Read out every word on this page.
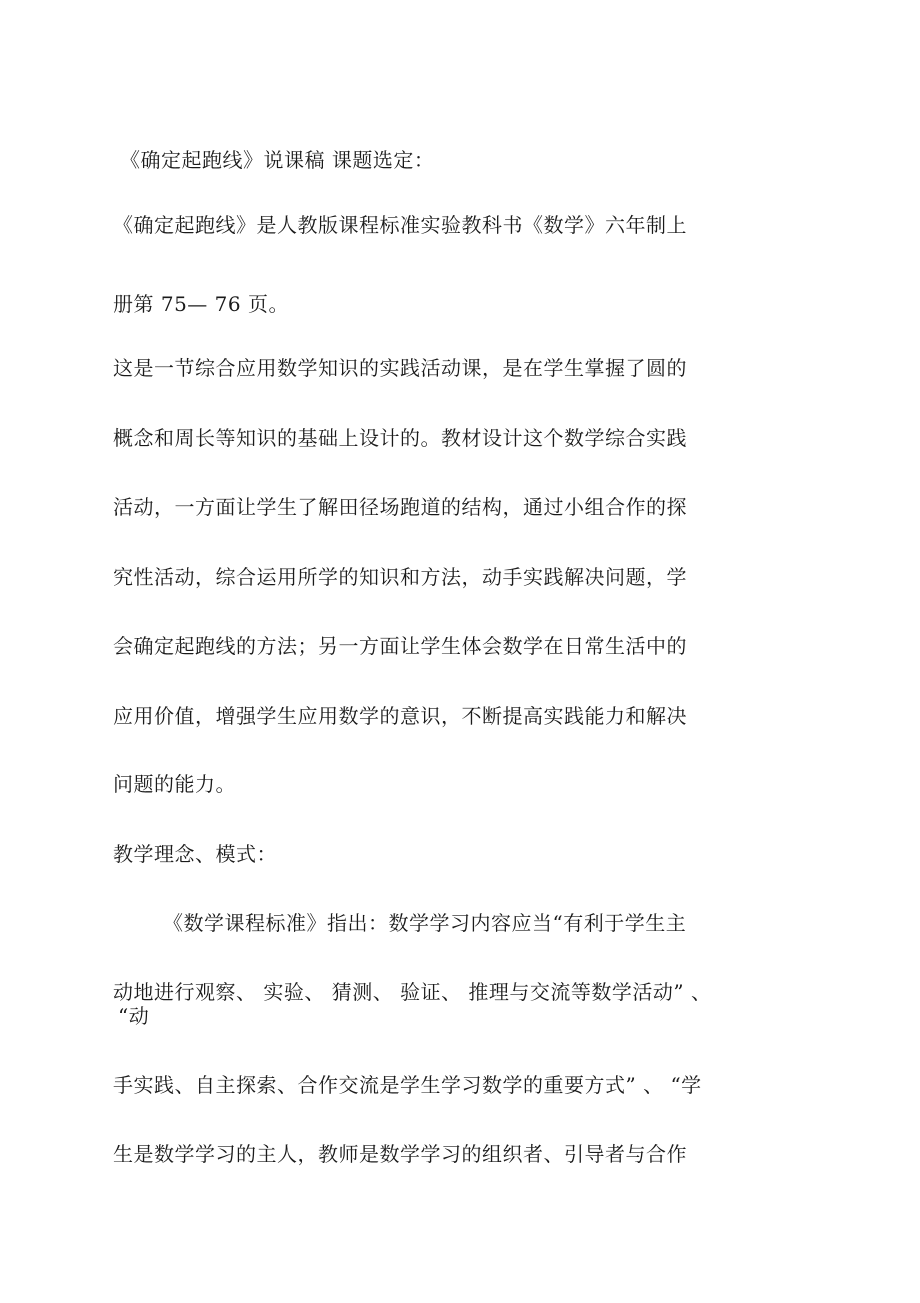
《确定起跑线》说课稿 课题选定：
《确定起跑线》是人教版课程标准实验教科书《数学》六年制上
册第 75— 76 页。
这是一节综合应用数学知识的实践活动课，是在学生掌握了圆的
概念和周长等知识的基础上设计的。教材设计这个数学综合实践
活动，一方面让学生了解田径场跑道的结构，通过小组合作的探
究性活动，综合运用所学的知识和方法，动手实践解决问题，学
会确定起跑线的方法；另一方面让学生体会数学在日常生活中的
应用价值，增强学生应用数学的意识，不断提高实践能力和解决
问题的能力。
教学理念、模式：
《数学课程标准》指出：数学学习内容应当“有利于学生主
动地进行观察、 实验、 猜测、 验证、 推理与交流等数学活动” 、
“动
手实践、自主探索、合作交流是学生学习数学的重要方式” 、 “学
生是数学学习的主人，教师是数学学习的组织者、引导者与合作
